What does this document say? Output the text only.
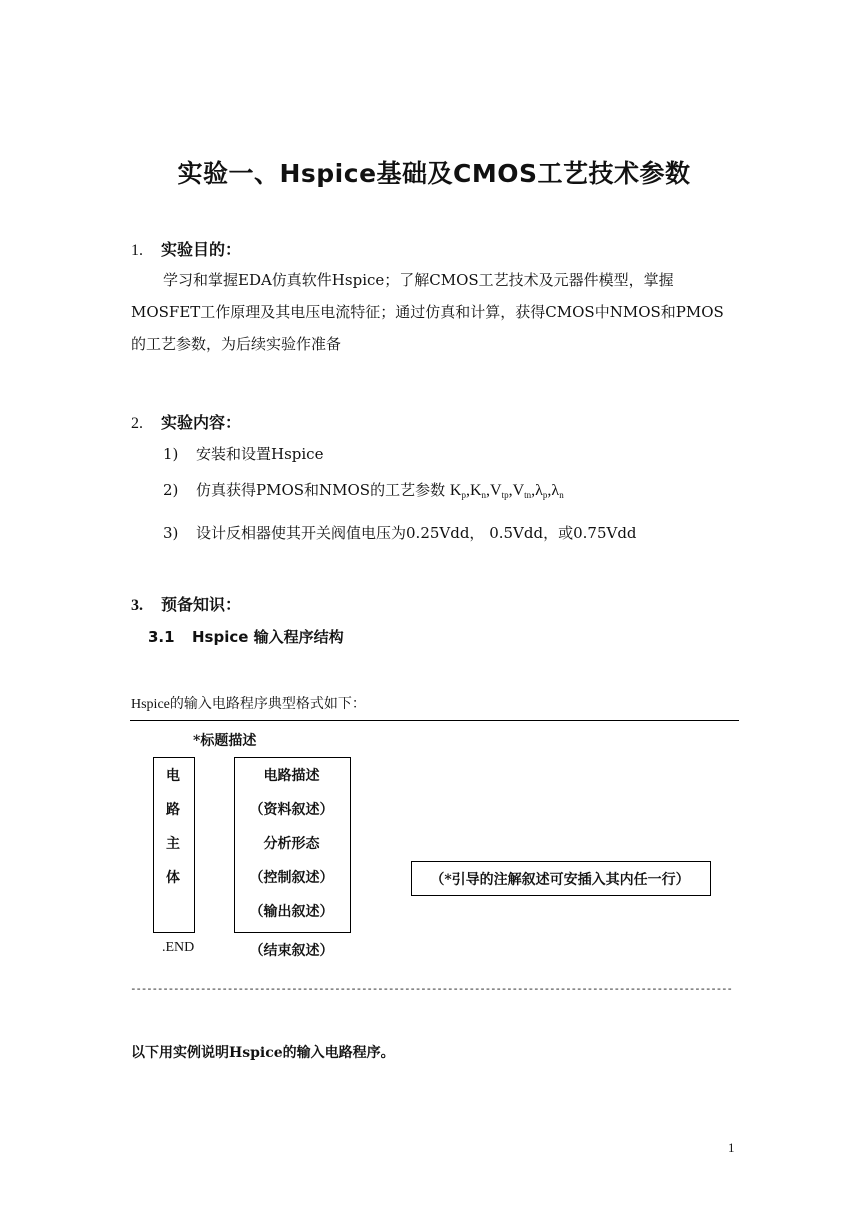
实验一、Hspice基础及CMOS工艺技术参数
1. 实验目的：
学习和掌握EDA仿真软件Hspice；了解CMOS工艺技术及元器件模型，掌握
MOSFET工作原理及其电压电流特征；通过仿真和计算，获得CMOS中NMOS和PMOS
的工艺参数，为后续实验作准备
2. 实验内容：
1) 安装和设置Hspice
2) 仿真获得PMOS和NMOS的工艺参数 $K_p,K_n,V_{tp},V_{tn},\lambda_p,\lambda_n$
3) 设计反相器使其开关阀值电压为0.25Vdd， 0.5Vdd，或0.75Vdd
3. 预备知识：
3.1 Hspice 输入程序结构
Hspice的输入电路程序典型格式如下：
*标题描述
电
路
主
体
电路描述
（资料叙述）
分析形态
（控制叙述）
（输出叙述）
.END	（结束叙述）
（*引导的注解叙述可安插入其内任一行）
----------------------------------------------------------------------------------------------------------------
以下用实例说明Hspice的输入电路程序。
1
